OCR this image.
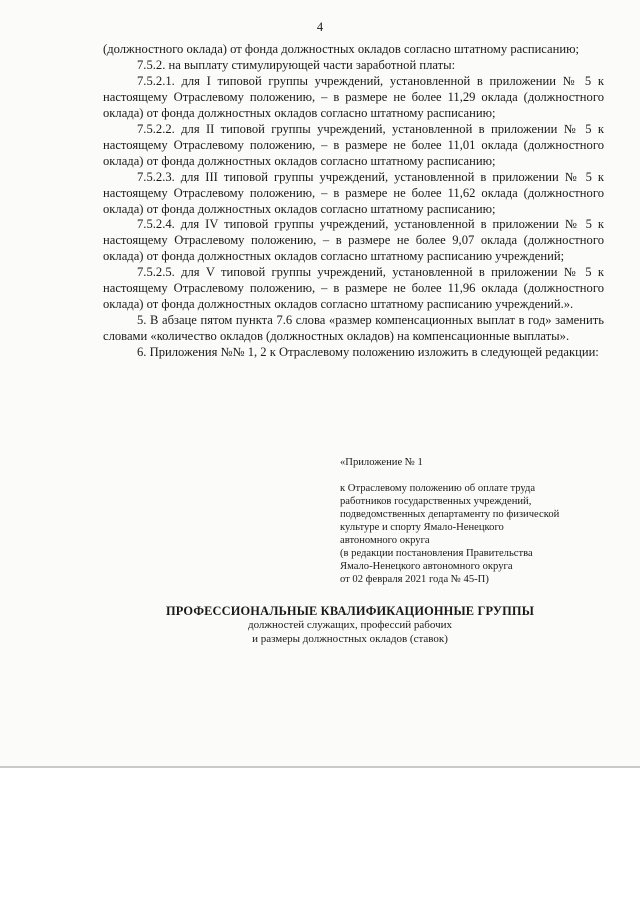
4

(должностного оклада) от фонда должностных окладов согласно штатному расписанию;

7.5.2. на выплату стимулирующей части заработной платы:

7.5.2.1. для I типовой группы учреждений, установленной в приложении № 5 к настоящему Отраслевому положению, – в размере не более 11,29 оклада (должностного оклада) от фонда должностных окладов согласно штатному расписанию;

7.5.2.2. для II типовой группы учреждений, установленной в приложении № 5 к настоящему Отраслевому положению, – в размере не более 11,01 оклада (должностного оклада) от фонда должностных окладов согласно штатному расписанию;

7.5.2.3. для III типовой группы учреждений, установленной в приложении № 5 к настоящему Отраслевому положению, – в размере не более 11,62 оклада (должностного оклада) от фонда должностных окладов согласно штатному расписанию;

7.5.2.4. для IV типовой группы учреждений, установленной в приложении № 5 к настоящему Отраслевому положению, – в размере не более 9,07 оклада (должностного оклада) от фонда должностных окладов согласно штатному расписанию учреждений;

7.5.2.5. для V типовой группы учреждений, установленной в приложении № 5 к настоящему Отраслевому положению, – в размере не более 11,96 оклада (должностного оклада) от фонда должностных окладов согласно штатному расписанию учреждений.».

5. В абзаце пятом пункта 7.6 слова «размер компенсационных выплат в год» заменить словами «количество окладов (должностных окладов) на компенсационные выплаты».

6. Приложения №№ 1, 2 к Отраслевому положению изложить в следующей редакции:

«Приложение № 1
к Отраслевому положению об оплате труда
работников государственных учреждений,
подведомственных департаменту по физической
культуре и спорту Ямало-Ненецкого
автономного округа
(в редакции постановления Правительства
Ямало-Ненецкого автономного округа
от 02 февраля 2021 года № 45-П)
ПРОФЕССИОНАЛЬНЫЕ КВАЛИФИКАЦИОННЫЕ ГРУППЫ
должностей служащих, профессий рабочих
и размеры должностных окладов (ставок)
